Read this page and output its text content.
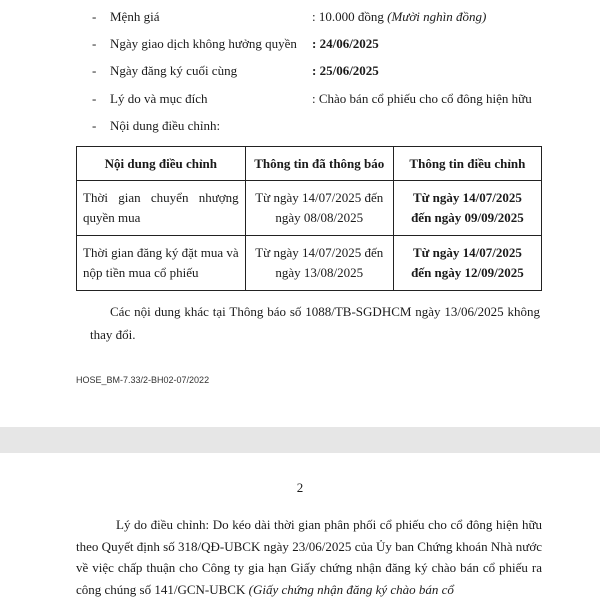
- Mệnh giá	: 10.000 đồng (Mười nghìn đồng)
- Ngày giao dịch không hưởng quyền : 24/06/2025
- Ngày đăng ký cuối cùng	: 25/06/2025
- Lý do và mục đích	: Chào bán cổ phiếu cho cổ đông hiện hữu
- Nội dung điều chỉnh:
Nội dung điều chỉnh	Thông tin đã thông báo	Thông tin điều chỉnh
Thời gian chuyển nhượng quyền mua	Từ ngày 14/07/2025 đến ngày 08/08/2025	Từ ngày 14/07/2025
đến ngày 09/09/2025
Thời gian đăng ký đặt mua và nộp tiền mua cổ phiếu	Từ ngày 14/07/2025 đến ngày 13/08/2025	Từ ngày 14/07/2025
đến ngày 12/09/2025
Các nội dung khác tại Thông báo số 1088/TB-SGDHCM ngày 13/06/2025 không thay đổi.
HOSE_BM-7.33/2-BH02-07/2022
2
Lý do điều chỉnh: Do kéo dài thời gian phân phối cổ phiếu cho cổ đông hiện hữu theo Quyết định số 318/QĐ-UBCK ngày 23/06/2025 của Ủy ban Chứng khoán Nhà nước về việc chấp thuận cho Công ty gia hạn Giấy chứng nhận đăng ký chào bán cổ phiếu ra công chúng số 141/GCN-UBCK (Giấy chứng nhận đăng ký chào bán cổ
